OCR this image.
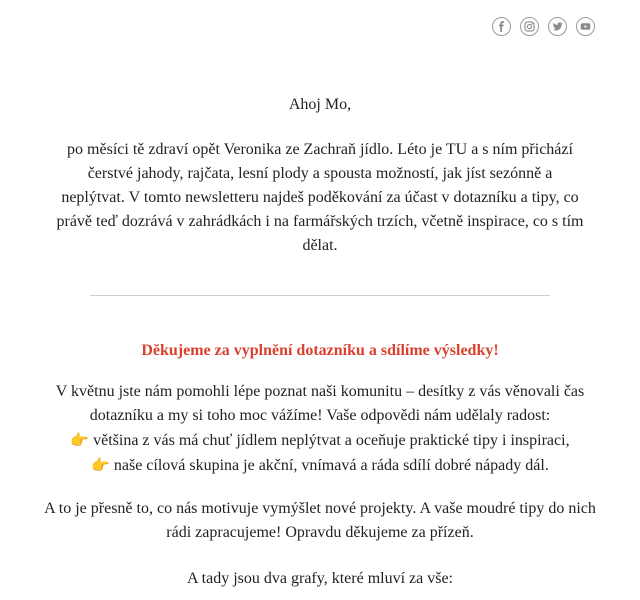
Ahoj Mo,

po měsíci tě zdraví opět Veronika ze Zachraň jídlo. Léto je TU a s ním přichází čerstvé jahody, rajčata, lesní plody a spousta možností, jak jíst sezónně a neplýtvat. V tomto newsletteru najdeš poděkování za účast v dotazníku a tipy, co právě teď dozrává v zahrádkách i na farmářských trzích, včetně inspirace, co s tím dělat.

Děkujeme za vyplnění dotazníku a sdílíme výsledky!

V květnu jste nám pomohli lépe poznat naši komunitu – desítky z vás věnovali čas dotazníku a my si toho moc vážíme! Vaše odpovědi nám udělaly radost:
👉 většina z vás má chuť jídlem neplýtvat a oceňuje praktické tipy i inspiraci,
👉 naše cílová skupina je akční, vnímavá a ráda sdílí dobré nápady dál.

A to je přesně to, co nás motivuje vymýšlet nové projekty. A vaše moudré tipy do nich rádi zapracujeme! Opravdu děkujeme za přízeň.

A tady jsou dva grafy, které mluví za vše:
